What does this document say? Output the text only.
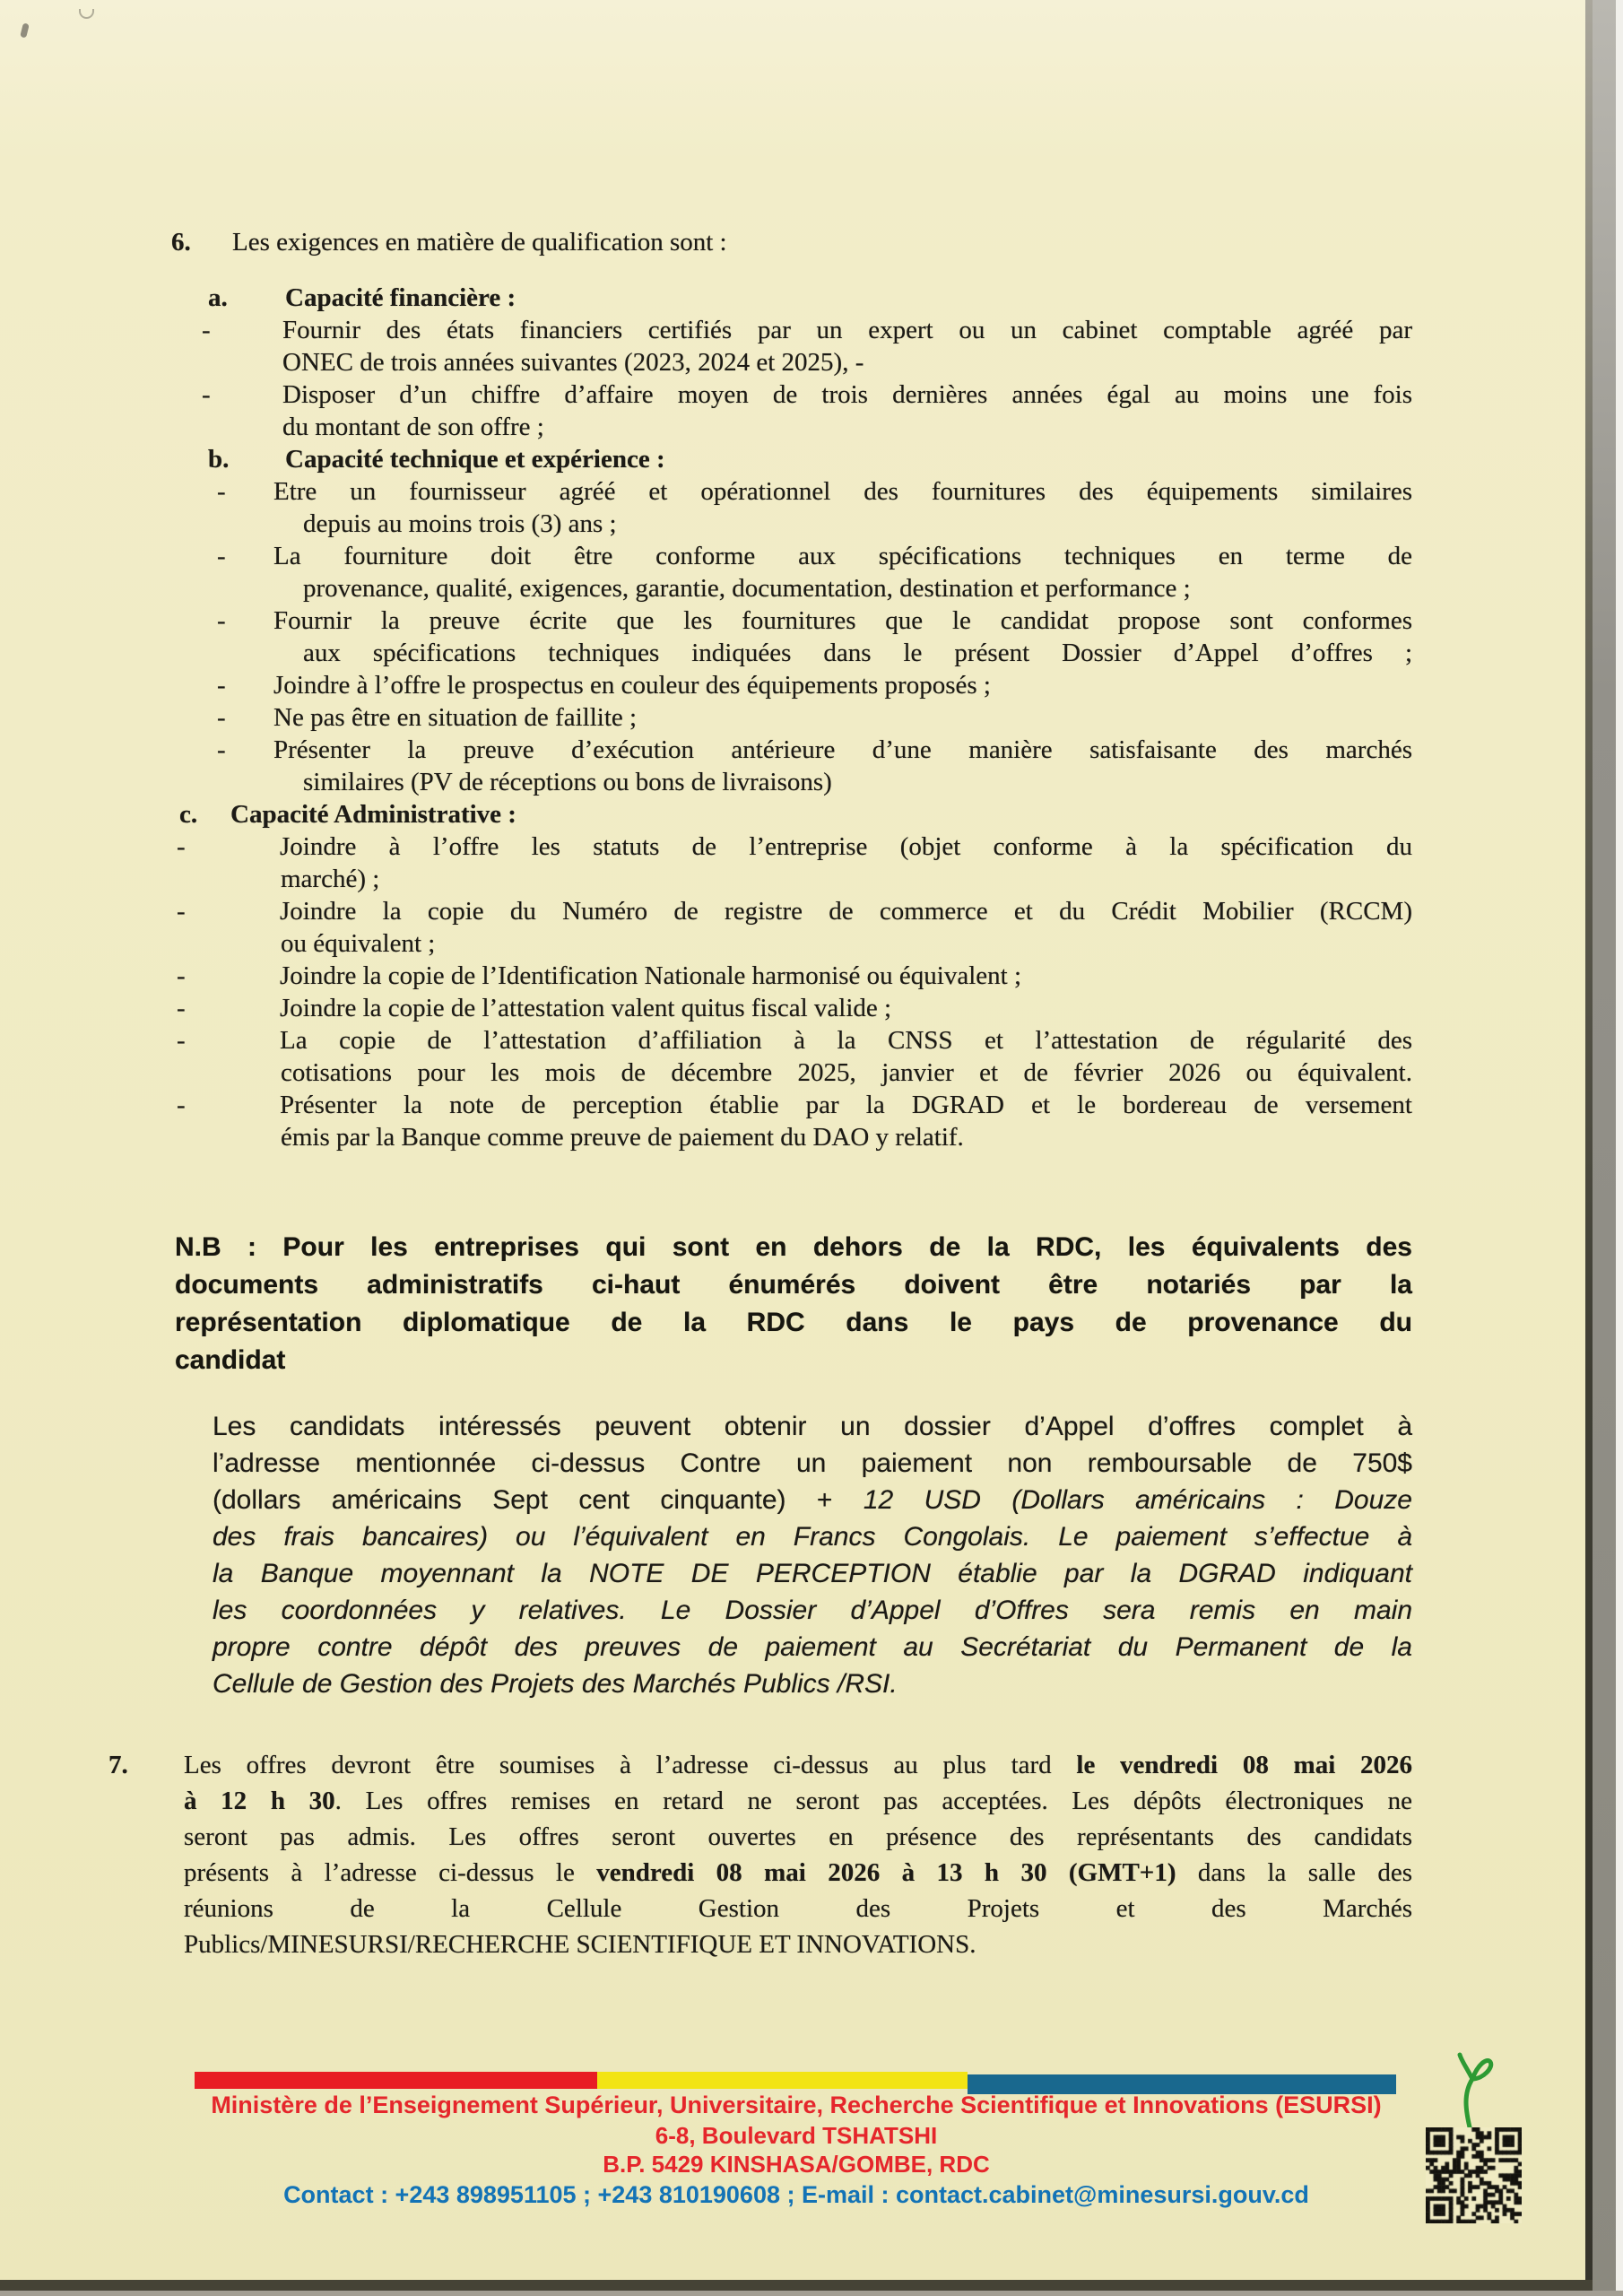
6. Les exigences en matière de qualification sont :
a. Capacité financière :
-	Fournir des états financiers certifiés par un expert ou un cabinet comptable agréé par
ONEC de trois années suivantes (2023, 2024 et 2025), -
-	Disposer d’un chiffre d’affaire moyen de trois dernières années égal au moins une fois
du montant de son offre ;
b. Capacité technique et expérience :
- Etre un fournisseur agréé et opérationnel des fournitures des équipements similaires
depuis au moins trois (3) ans ;
- La fourniture doit être conforme aux spécifications techniques en terme de
provenance, qualité, exigences, garantie, documentation, destination et performance ;
- Fournir la preuve écrite que les fournitures que le candidat propose sont conformes
aux spécifications techniques indiquées dans le présent Dossier d’Appel d’offres ;
- Joindre à l’offre le prospectus en couleur des équipements proposés ;
- Ne pas être en situation de faillite ;
- Présenter la preuve d’exécution antérieure d’une manière satisfaisante des marchés
similaires (PV de réceptions ou bons de livraisons)
c. Capacité Administrative :
-	Joindre à l’offre les statuts de l’entreprise (objet conforme à la spécification du
marché) ;
-	Joindre la copie du Numéro de registre de commerce et du Crédit Mobilier (RCCM)
ou équivalent ;
-	Joindre la copie de l’Identification Nationale harmonisé ou équivalent ;
-	Joindre la copie de l’attestation valent quitus fiscal valide ;
-	La copie de l’attestation d’affiliation à la CNSS et l’attestation de régularité des
cotisations pour les mois de décembre 2025, janvier et de février 2026 ou équivalent.
-	Présenter la note de perception établie par la DGRAD et le bordereau de versement
émis par la Banque comme preuve de paiement du DAO y relatif.
N.B : Pour les entreprises qui sont en dehors de la RDC, les équivalents des
documents administratifs ci-haut énumérés doivent être notariés par la
représentation diplomatique de la RDC dans le pays de provenance du
candidat
Les candidats intéressés peuvent obtenir un dossier d’Appel d’offres complet à
l’adresse mentionnée ci-dessus Contre un paiement non remboursable de 750$
(dollars américains Sept cent cinquante) + 12 USD (Dollars américains : Douze
des frais bancaires) ou l’équivalent en Francs Congolais. Le paiement s’effectue à
la Banque moyennant la NOTE DE PERCEPTION établie par la DGRAD indiquant
les coordonnées y relatives. Le Dossier d’Appel d’Offres sera remis en main
propre contre dépôt des preuves de paiement au Secrétariat du Permanent de la
Cellule de Gestion des Projets des Marchés Publics /RSI.
7. Les offres devront être soumises à l’adresse ci-dessus au plus tard le vendredi 08 mai 2026
à 12 h 30. Les offres remises en retard ne seront pas acceptées. Les dépôts électroniques ne
seront pas admis. Les offres seront ouvertes en présence des représentants des candidats
présents à l’adresse ci-dessus le vendredi 08 mai 2026 à 13 h 30 (GMT+1) dans la salle des
réunions de la Cellule Gestion des Projets et des Marchés
Publics/MINESURSI/RECHERCHE SCIENTIFIQUE ET INNOVATIONS.
Ministère de l’Enseignement Supérieur, Universitaire, Recherche Scientifique et Innovations (ESURSI)
6-8, Boulevard TSHATSHI
B.P. 5429 KINSHASA/GOMBE, RDC
Contact : +243 898951105 ; +243 810190608 ; E-mail : contact.cabinet@minesursi.gouv.cd
